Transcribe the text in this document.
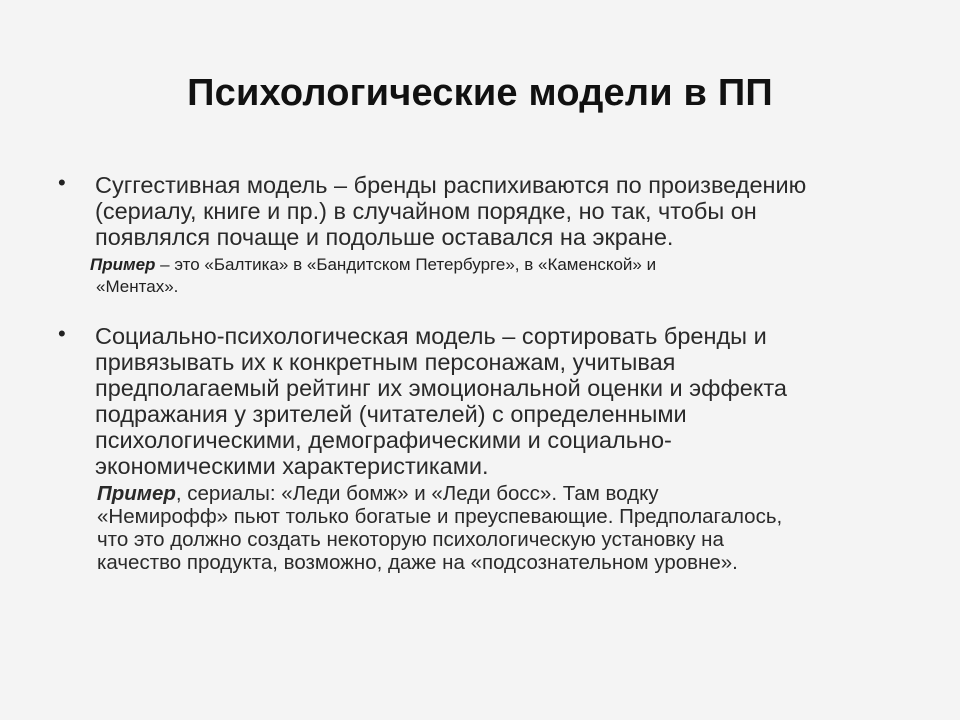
Психологические модели в ПП
• Суггестивная модель – бренды распихиваются по произведению
(сериалу, книге и пр.) в случайном порядке, но так, чтобы он
появлялся почаще и подольше оставался на экране.
Пример – это «Балтика» в «Бандитском Петербурге», в «Каменской» и
«Ментах».
• Социально-психологическая модель – сортировать бренды и
привязывать их к конкретным персонажам, учитывая
предполагаемый рейтинг их эмоциональной оценки и эффекта
подражания у зрителей (читателей) с определенными
психологическими, демографическими и социально-
экономическими характеристиками.
Пример, сериалы: «Леди бомж» и «Леди босс». Там водку
«Немирофф» пьют только богатые и преуспевающие. Предполагалось,
что это должно создать некоторую психологическую установку на
качество продукта, возможно, даже на «подсознательном уровне».
